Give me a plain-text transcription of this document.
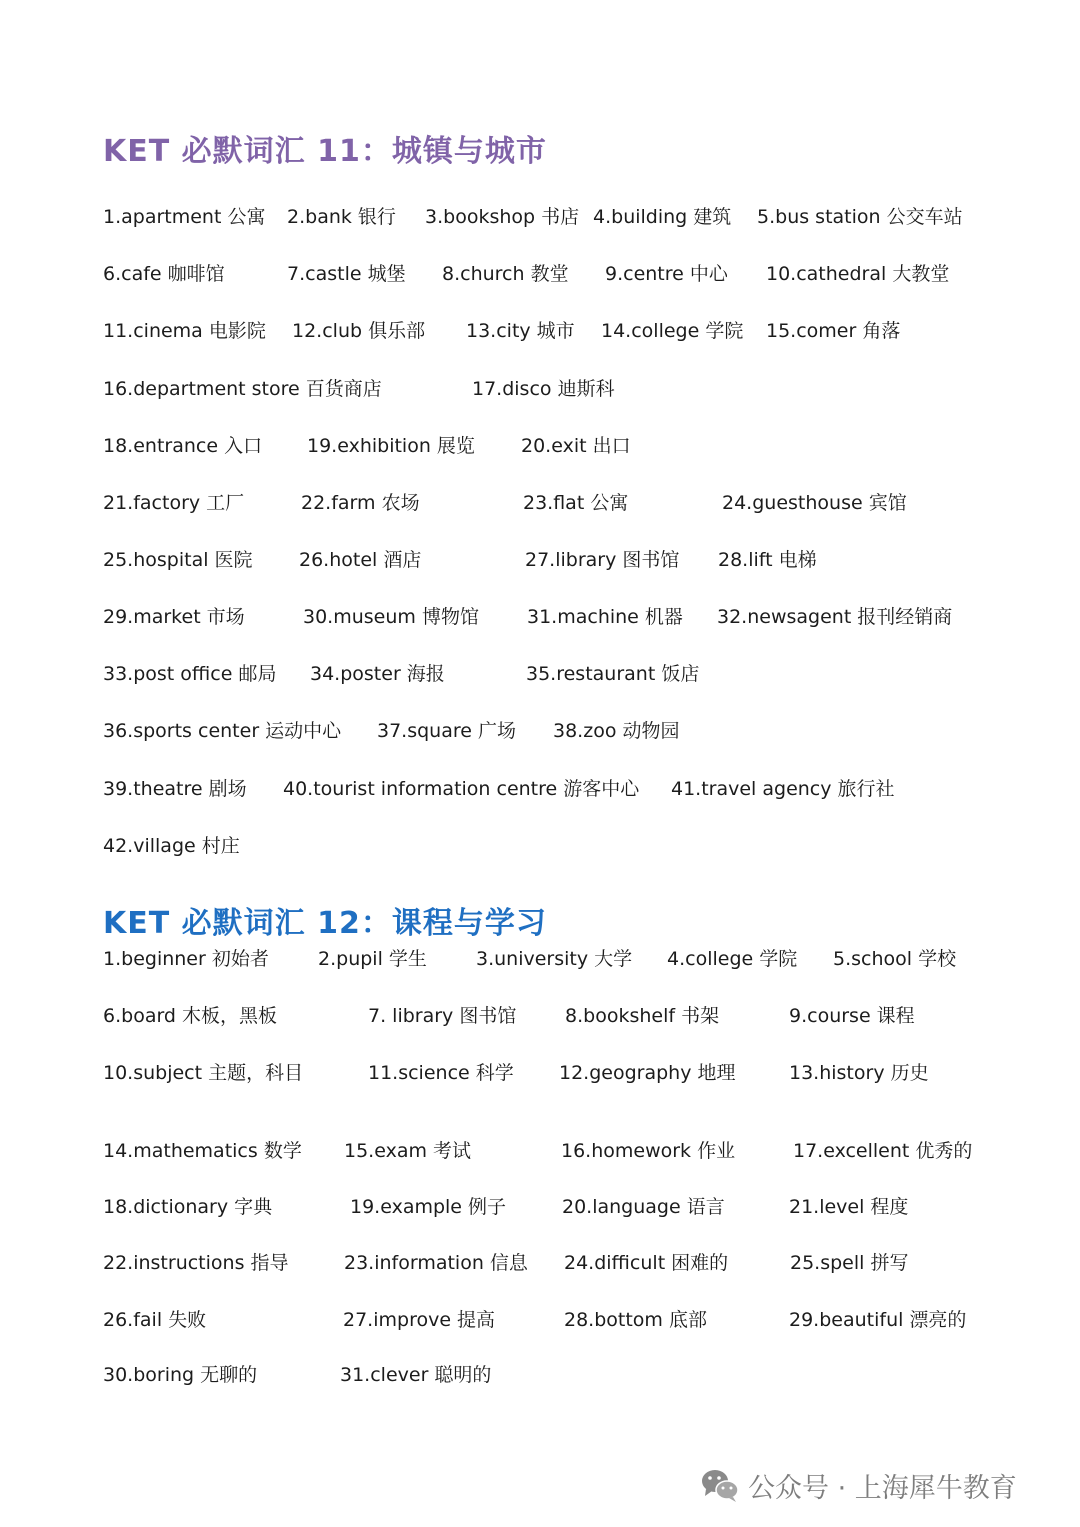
KET 必默词汇 11：城镇与城市
1.apartment 公寓 2.bank 银行 3.bookshop 书店 4.building 建筑 5.bus station 公交车站
6.cafe 咖啡馆	7.castle 城堡 8.church 教堂 9.centre 中心 10.cathedral 大教堂
11.cinema 电影院 12.club 俱乐部 13.city 城市 14.college 学院 15.comer 角落
16.department store 百货商店	17.disco 迪斯科
18.entrance 入口 19.exhibition 展览 20.exit 出口
21.factory 工厂	22.farm 农场	23.flat 公寓	24.guesthouse 宾馆
25.hospital 医院 26.hotel 酒店	27.library 图书馆 28.lift 电梯
29.market 市场	30.museum 博物馆	31.machine 机器 32.newsagent 报刊经销商
33.post office 邮局 34.poster 海报	35.restaurant 饭店
36.sports center 运动中心 37.square 广场 38.zoo 动物园
39.theatre 剧场 40.tourist information centre 游客中心 41.travel agency 旅行社
42.village 村庄
KET 必默词汇 12：课程与学习
1.beginner 初始者	2.pupil 学生	3.university 大学 4.college 学院 5.school 学校
6.board 木板，黑板	7. library 图书馆	8.bookshelf 书架	9.course 课程
10.subject 主题，科目	11.science 科学 12.geography 地理	13.history 历史
14.mathematics 数学 15.exam 考试	16.homework 作业	17.excellent 优秀的
18.dictionary 字典	19.example 例子	20.language 语言	21.level 程度
22.instructions 指导	23.information 信息 24.difficult 困难的	25.spell 拼写
26.fail 失败	27.improve 提高	28.bottom 底部	29.beautiful 漂亮的
30.boring 无聊的	31.clever 聪明的
公众号 · 上海犀牛教育
